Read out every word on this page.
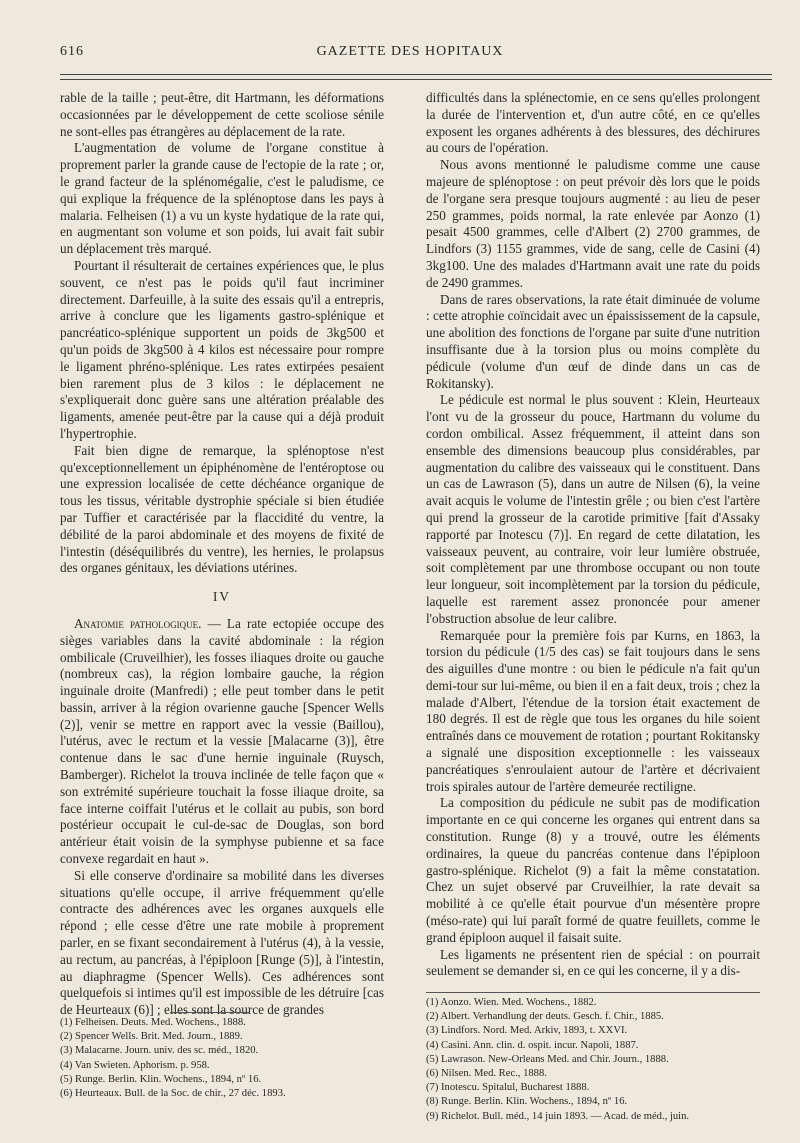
616	GAZETTE DES HOPITAUX

rable de la taille ; peut-être, dit Hartmann, les déformations occasionnées par le développement de cette scoliose sénile ne sont-elles pas étrangères au déplacement de la rate.

L'augmentation de volume de l'organe constitue à proprement parler la grande cause de l'ectopie de la rate ; or, le grand facteur de la splénomégalie, c'est le paludisme, ce qui explique la fréquence de la splénoptose dans les pays à malaria. Felheisen (1) a vu un kyste hydatique de la rate qui, en augmentant son volume et son poids, lui avait fait subir un déplacement très marqué.

Pourtant il résulterait de certaines expériences que, le plus souvent, ce n'est pas le poids qu'il faut incriminer directement. Darfeuille, à la suite des essais qu'il a entrepris, arrive à conclure que les ligaments gastro-splénique et pancréatico-splénique supportent un poids de 3kg500 et qu'un poids de 3kg500 à 4 kilos est nécessaire pour rompre le ligament phréno-splénique. Les rates extirpées pesaient bien rarement plus de 3 kilos : le déplacement ne s'expliquerait donc guère sans une altération préalable des ligaments, amenée peut-être par la cause qui a déjà produit l'hypertrophie.

Fait bien digne de remarque, la splénoptose n'est qu'exceptionnellement un épiphénomène de l'entéroptose ou une expression localisée de cette déchéance organique de tous les tissus, véritable dystrophie spéciale si bien étudiée par Tuffier et caractérisée par la flaccidité du ventre, la débilité de la paroi abdominale et des moyens de fixité de l'intestin (déséquilibrés du ventre), les hernies, le prolapsus des organes génitaux, les déviations utérines.

IV

Anatomie pathologique. — La rate ectopiée occupe des sièges variables dans la cavité abdominale : la région ombilicale (Cruveilhier), les fosses iliaques droite ou gauche (nombreux cas), la région lombaire gauche, la région inguinale droite (Manfredi) ; elle peut tomber dans le petit bassin, arriver à la région ovarienne gauche [Spencer Wells (2)], venir se mettre en rapport avec la vessie (Baillou), l'utérus, avec le rectum et la vessie [Malacarne (3)], être contenue dans le sac d'une hernie inguinale (Ruysch, Bamberger). Richelot la trouva inclinée de telle façon que « son extrémité supérieure touchait la fosse iliaque droite, sa face interne coiffait l'utérus et le collait au pubis, son bord postérieur occupait le cul-de-sac de Douglas, son bord antérieur était voisin de la symphyse pubienne et sa face convexe regardait en haut ».

Si elle conserve d'ordinaire sa mobilité dans les diverses situations qu'elle occupe, il arrive fréquemment qu'elle contracte des adhérences avec les organes auxquels elle répond ; elle cesse d'être une rate mobile à proprement parler, en se fixant secondairement à l'utérus (4), à la vessie, au rectum, au pancréas, à l'épiploon [Runge (5)], à l'intestin, au diaphragme (Spencer Wells). Ces adhérences sont quelquefois si intimes qu'il est impossible de les détruire [cas de Heurteaux (6)] ; elles sont la source de grandes

difficultés dans la splénectomie, en ce sens qu'elles prolongent la durée de l'intervention et, d'un autre côté, en ce qu'elles exposent les organes adhérents à des blessures, des déchirures au cours de l'opération.

Nous avons mentionné le paludisme comme une cause majeure de splénoptose : on peut prévoir dès lors que le poids de l'organe sera presque toujours augmenté : au lieu de peser 250 grammes, poids normal, la rate enlevée par Aonzo (1) pesait 4500 grammes, celle d'Albert (2) 2700 grammes, de Lindfors (3) 1155 grammes, vide de sang, celle de Casini (4) 3kg100. Une des malades d'Hartmann avait une rate du poids de 2490 grammes.

Dans de rares observations, la rate était diminuée de volume : cette atrophie coïncidait avec un épaississement de la capsule, une abolition des fonctions de l'organe par suite d'une nutrition insuffisante due à la torsion plus ou moins complète du pédicule (volume d'un œuf de dinde dans un cas de Rokitansky).

Le pédicule est normal le plus souvent : Klein, Heurteaux l'ont vu de la grosseur du pouce, Hartmann du volume du cordon ombilical. Assez fréquemment, il atteint dans son ensemble des dimensions beaucoup plus considérables, par augmentation du calibre des vaisseaux qui le constituent. Dans un cas de Lawrason (5), dans un autre de Nilsen (6), la veine avait acquis le volume de l'intestin grêle ; ou bien c'est l'artère qui prend la grosseur de la carotide primitive [fait d'Assaky rapporté par Inotescu (7)]. En regard de cette dilatation, les vaisseaux peuvent, au contraire, voir leur lumière obstruée, soit complètement par une thrombose occupant ou non toute leur longueur, soit incomplètement par la torsion du pédicule, laquelle est rarement assez prononcée pour amener l'obstruction absolue de leur calibre.

Remarquée pour la première fois par Kurns, en 1863, la torsion du pédicule (1/5 des cas) se fait toujours dans le sens des aiguilles d'une montre : ou bien le pédicule n'a fait qu'un demi-tour sur lui-même, ou bien il en a fait deux, trois ; chez la malade d'Albert, l'étendue de la torsion était exactement de 180 degrés. Il est de règle que tous les organes du hile soient entraînés dans ce mouvement de rotation ; pourtant Rokitansky a signalé une disposition exceptionnelle : les vaisseaux pancréatiques s'enroulaient autour de l'artère et décrivaient trois spirales autour de l'artère demeurée rectiligne.

La composition du pédicule ne subit pas de modification importante en ce qui concerne les organes qui entrent dans sa constitution. Runge (8) y a trouvé, outre les éléments ordinaires, la queue du pancréas contenue dans l'épiploon gastro-splénique. Richelot (9) a fait la même constatation. Chez un sujet observé par Cruveilhier, la rate devait sa mobilité à ce qu'elle était pourvue d'un mésentère propre (méso-rate) qui lui paraît formé de quatre feuillets, comme le grand épiploon auquel il faisait suite.

Les ligaments ne présentent rien de spécial : on pourrait seulement se demander si, en ce qui les concerne, il y a dis-

(1) Felheisen. Deuts. Med. Wochens., 1888.
(2) Spencer Wells. Brit. Med. Journ., 1889.
(3) Malacarne. Journ. univ. des sc. méd., 1820.
(4) Van Swieten. Aphorism. p. 958.
(5) Runge. Berlin. Klin. Wochens., 1894, nº 16.
(6) Heurteaux. Bull. de la Soc. de chir., 27 déc. 1893.
(1) Aonzo. Wien. Med. Wochens., 1882.
(2) Albert. Verhandlung der deuts. Gesch. f. Chir., 1885.
(3) Lindfors. Nord. Med. Arkiv, 1893, t. XXVI.
(4) Casini. Ann. clin. d. ospit. incur. Napoli, 1887.
(5) Lawrason. New-Orleans Med. and Chir. Journ., 1888.
(6) Nilsen. Med. Rec., 1888.
(7) Inotescu. Spitalul, Bucharest 1888.
(8) Runge. Berlin. Klin. Wochens., 1894, nº 16.
(9) Richelot. Bull. méd., 14 juin 1893. — Acad. de méd., juin.
